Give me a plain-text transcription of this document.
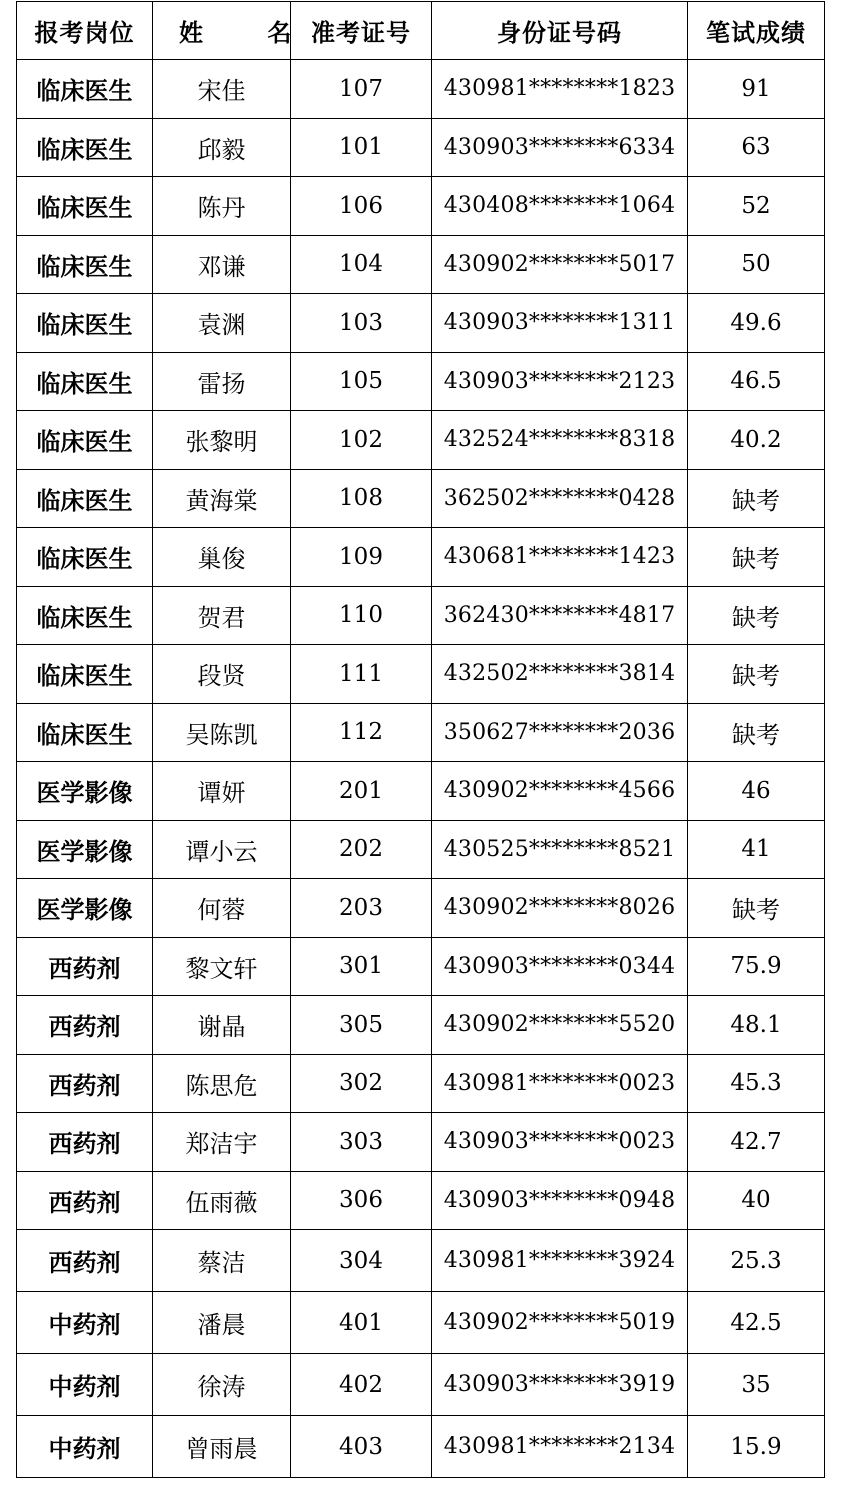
报考岗位	姓 名	准考证号	身份证号码	笔试成绩
临床医生	宋佳	107	430981********1823	91
临床医生	邱毅	101	430903********6334	63
临床医生	陈丹	106	430408********1064	52
临床医生	邓谦	104	430902********5017	50
临床医生	袁渊	103	430903********1311	49.6
临床医生	雷扬	105	430903********2123	46.5
临床医生	张黎明	102	432524********8318	40.2
临床医生	黄海棠	108	362502********0428	缺考
临床医生	巢俊	109	430681********1423	缺考
临床医生	贺君	110	362430********4817	缺考
临床医生	段贤	111	432502********3814	缺考
临床医生	吴陈凯	112	350627********2036	缺考
医学影像	谭妍	201	430902********4566	46
医学影像	谭小云	202	430525********8521	41
医学影像	何蓉	203	430902********8026	缺考
西药剂	黎文轩	301	430903********0344	75.9
西药剂	谢晶	305	430902********5520	48.1
西药剂	陈思危	302	430981********0023	45.3
西药剂	郑洁宇	303	430903********0023	42.7
西药剂	伍雨薇	306	430903********0948	40
西药剂	蔡洁	304	430981********3924	25.3
中药剂	潘晨	401	430902********5019	42.5
中药剂	徐涛	402	430903********3919	35
中药剂	曾雨晨	403	430981********2134	15.9
